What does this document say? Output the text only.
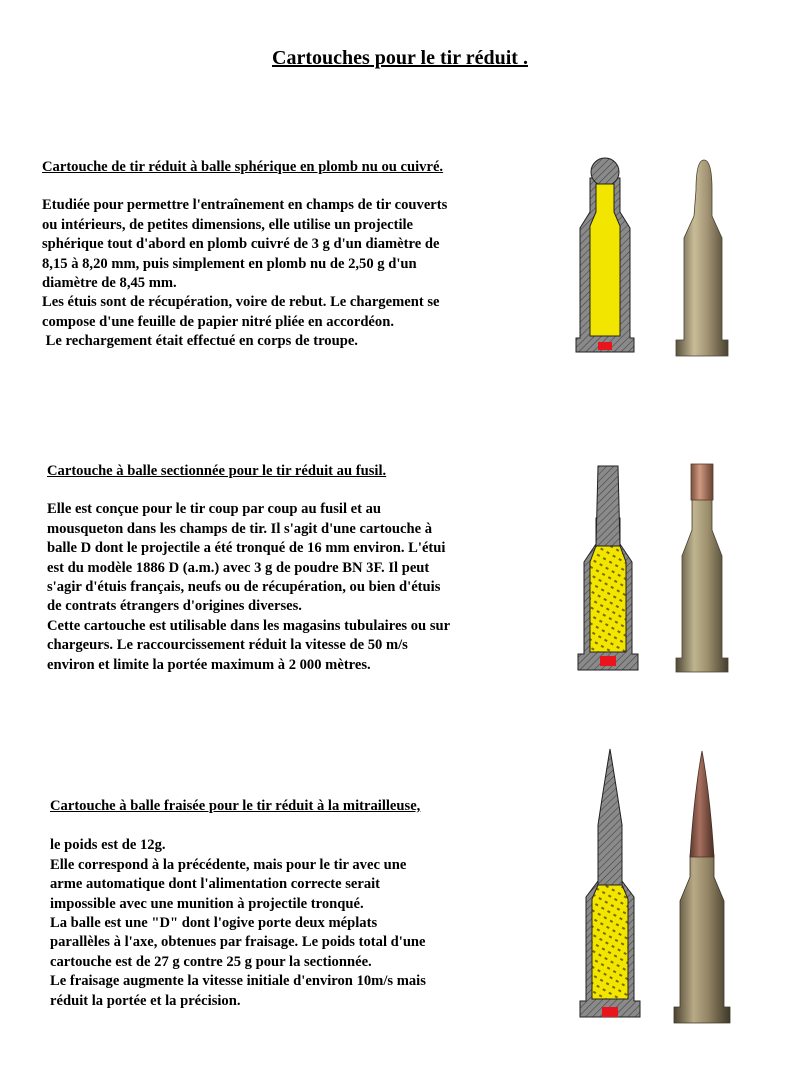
Cartouches pour le tir réduit .
Cartouche de tir réduit à balle sphérique en plomb nu ou cuivré.
Etudiée pour permettre l'entraînement en champs de tir couverts
ou intérieurs, de petites dimensions, elle utilise un projectile
sphérique tout d'abord en plomb cuivré de 3 g d'un diamètre de
8,15 à 8,20 mm, puis simplement en plomb nu de 2,50 g d'un
diamètre de 8,45 mm.
Les étuis sont de récupération, voire de rebut. Le chargement se
compose d'une feuille de papier nitré pliée en accordéon.
Le rechargement était effectué en corps de troupe.
Cartouche à balle sectionnée pour le tir réduit au fusil.
Elle est conçue pour le tir coup par coup au fusil et au
mousqueton dans les champs de tir. Il s'agit d'une cartouche à
balle D dont le projectile a été tronqué de 16 mm environ. L'étui
est du modèle 1886 D (a.m.) avec 3 g de poudre BN 3F. Il peut
s'agir d'étuis français, neufs ou de récupération, ou bien d'étuis
de contrats étrangers d'origines diverses.
Cette cartouche est utilisable dans les magasins tubulaires ou sur
chargeurs. Le raccourcissement réduit la vitesse de 50 m/s
environ et limite la portée maximum à 2 000 mètres.
Cartouche à balle fraisée pour le tir réduit à la mitrailleuse,
le poids est de 12g.
Elle correspond à la précédente, mais pour le tir avec une
arme automatique dont l'alimentation correcte serait
impossible avec une munition à projectile tronqué.
La balle est une "D" dont l'ogive porte deux méplats
parallèles à l'axe, obtenues par fraisage. Le poids total d'une
cartouche est de 27 g contre 25 g pour la sectionnée.
Le fraisage augmente la vitesse initiale d'environ 10m/s mais
réduit la portée et la précision.
